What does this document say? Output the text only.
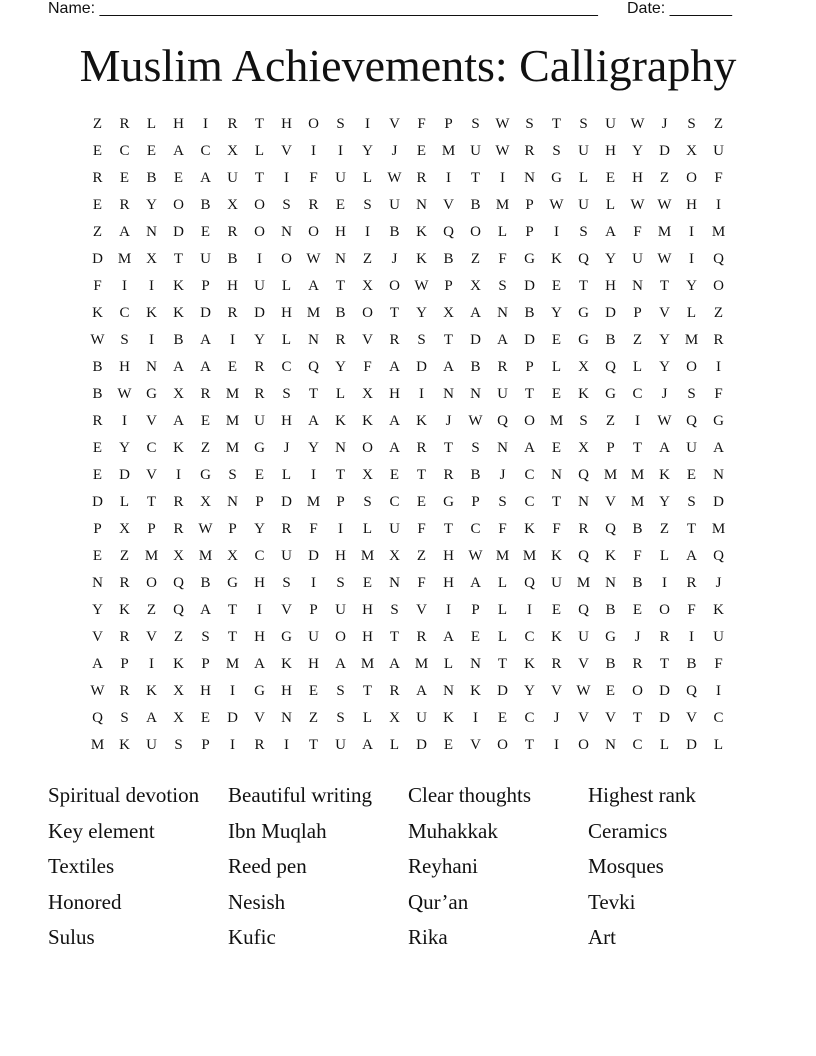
Name: ________________________________________________________ Date: _______
Muslim Achievements: Calligraphy
Z	R	L	H	I	R	T	H	O	S	I	V	F	P	S	W	S	T	S	U W	J	S	Z
E	C	E	A	C	X	L	V	I	I	Y	J	E	M U W R	S	U	H	Y	D	X	U
R	E	B	E	A	U	T	I	F	U	L	W R	I	T	I	N	G	L	E	H	Z	O	F
E	R	Y	O	B	X	O	S	R	E	S	U	N	V	B	M	P	W U	L	W W H	I
Z	A	N	D	E	R	O	N	O	H	I	B	K	Q	O	L	P	I	S	A	F	M	I	M
D M X	T	U	B	I	O W N	Z	J	K	B	Z	F	G	K	Q	Y	U W	I	Q
F	I	I	K	P	H	U	L	A	T	X	O W	P	X	S	D	E	T	H	N	T	Y	O
K	C	K	K	D	R	D	H M	B	O	T	Y	X	A	N	B	Y	G	D	P	V	L	Z
W	S	I	B	A	I	Y	L	N	R	V	R	S	T	D	A	D	E	G	B	Z	Y M	R
B	H	N	A	A	E	R	C	Q	Y	F	A	D	A	B	R	P	L	X	Q	L	Y	O	I
B W G	X	R	M	R	S	T	L	X	H	I	N	N	U	T	E	K	G	C	J	S	F
R	I	V	A	E	M U	H	A	K	K	A	K	J	W Q	O M	S	Z	I	W Q	G
E	Y	C	K	Z	M G	J	Y	N	O	A	R	T	S	N	A	E	X	P	T	A	U	A
E	D	V	I	G	S	E	L	I	T	X	E	T	R	B	J	C	N	Q M M K	E	N
D	L	T	R	X	N	P	D M	P	S	C	E	G	P	S	C	T	N	V M Y	S	D
P	X	P	R W	P	Y	R	F	I	L	U	F	T	C	F	K	F	R	Q	B	Z	T	M
E	Z	M X M X	C	U	D	H M X	Z	H W M M K	Q	K	F	L	A	Q
N	R	O	Q	B	G	H	S	I	S	E	N	F	H	A	L	Q	U M N	B	I	R	J
Y	K	Z	Q	A	T	I	V	P	U	H	S	V	I	P	L	I	E	Q	B	E	O	F	K
V	R	V	Z	S	T	H	G	U	O	H	T	R	A	E	L	C	K	U	G	J	R	I	U
A	P	I	K	P	M A	K	H	A M A M	L	N	T	K	R	V	B	R	T	B	F
W R	K	X	H	I	G	H	E	S	T	R	A	N	K	D	Y	V W	E	O	D	Q	I
Q	S	A	X	E	D	V	N	Z	S	L	X	U	K	I	E	C	J	V	V	T	D	V	C
M K	U	S	P	I	R	I	T	U	A	L	D	E	V	O	T	I	O	N	C	L	D	L
Spiritual devotion	Beautiful writing	Clear thoughts	Highest rank
Key element	Ibn Muqlah	Muhakkak	Ceramics
Textiles	Reed pen	Reyhani	Mosques
Honored	Nesish	Qur’an	Tevki
Sulus	Kufic	Rika	Art
